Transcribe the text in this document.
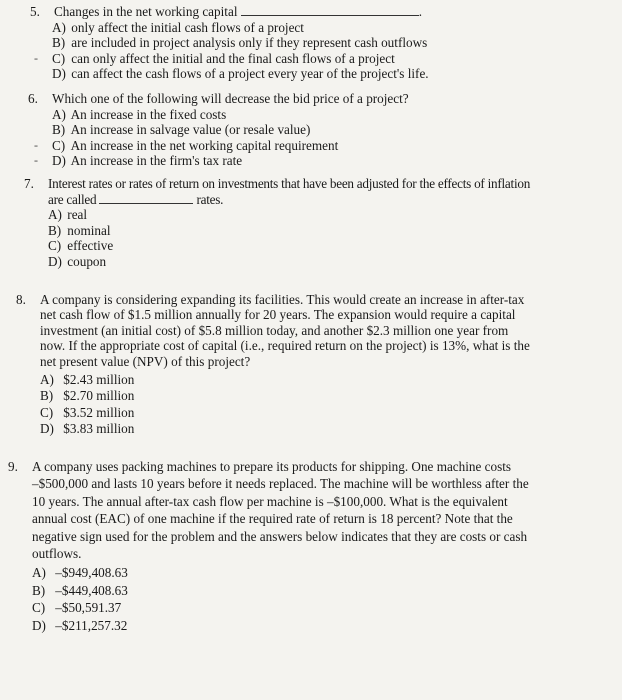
5. Changes in the net working capital	.
A) only affect the initial cash flows of a project
B) are included in project analysis only if they represent cash outflows
- C) can only affect the initial and the final cash flows of a project
D) can affect the cash flows of a project every year of the project's life.
6. Which one of the following will decrease the bid price of a project?
A) An increase in the fixed costs
B) An increase in salvage value (or resale value)
- C) An increase in the net working capital requirement
- D) An increase in the firm's tax rate
7. Interest rates or rates of return on investments that have been adjusted for the effects of inflation
are called	rates.
A) real
B) nominal
C) effective
D) coupon
8. A company is considering expanding its facilities. This would create an increase in after-tax
net cash flow of $1.5 million annually for 20 years. The expansion would require a capital
investment (an initial cost) of $5.8 million today, and another $2.3 million one year from
now. If the appropriate cost of capital (i.e., required return on the project) is 13%, what is the
net present value (NPV) of this project?
A) $2.43 million
B) $2.70 million
C) $3.52 million
D) $3.83 million
9. A company uses packing machines to prepare its products for shipping. One machine costs
–$500,000 and lasts 10 years before it needs replaced. The machine will be worthless after the
10 years. The annual after-tax cash flow per machine is –$100,000. What is the equivalent
annual cost (EAC) of one machine if the required rate of return is 18 percent? Note that the
negative sign used for the problem and the answers below indicates that they are costs or cash
outflows.
A) –$949,408.63
B) –$449,408.63
C) –$50,591.37
D) –$211,257.32
